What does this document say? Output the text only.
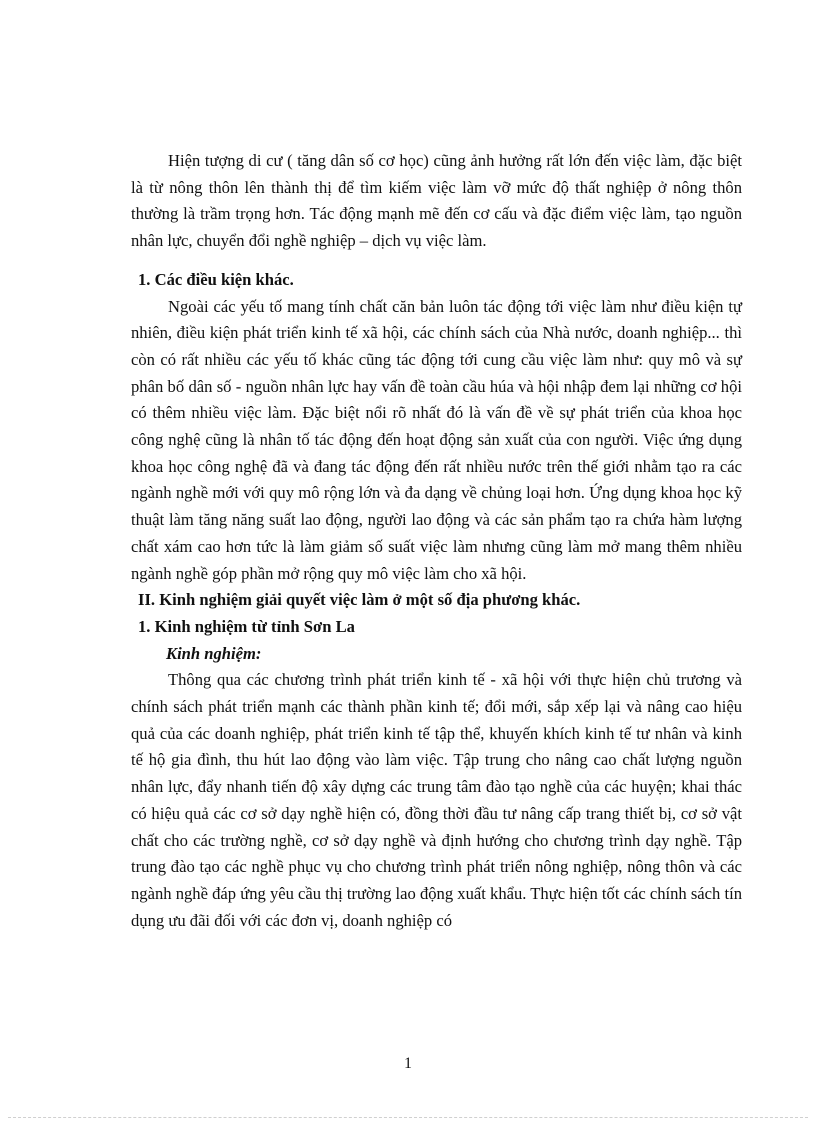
Hiện tượng di cư ( tăng dân số cơ học) cũng ảnh hưởng rất lớn đến việc làm, đặc biệt là từ nông thôn lên thành thị để tìm kiếm việc làm vỡ mức độ thất nghiệp ở nông thôn thường là trầm trọng hơn. Tác động mạnh mẽ đến cơ cấu và đặc điểm việc làm, tạo nguồn nhân lực, chuyển đổi nghề nghiệp – dịch vụ việc làm.

1. Các điều kiện khác.

Ngoài các yếu tố mang tính chất căn bản luôn tác động tới việc làm như điều kiện tự nhiên, điều kiện phát triển kinh tế xã hội, các chính sách của Nhà nước, doanh nghiệp... thì còn có rất nhiều các yếu tố khác cũng tác động tới cung cầu việc làm như: quy mô và sự phân bố dân số - nguồn nhân lực hay vấn đề toàn cầu húa và hội nhập đem lại những cơ hội có thêm nhiều việc làm. Đặc biệt nổi rõ nhất đó là vấn đề về sự phát triển của khoa học công nghệ cũng là nhân tố tác động đến hoạt động sản xuất của con người. Việc ứng dụng khoa học công nghệ đã và đang tác động đến rất nhiều nước trên thế giới nhằm tạo ra các ngành nghề mới với quy mô rộng lớn và đa dạng về chủng loại hơn. Ứng dụng khoa học kỹ thuật làm tăng năng suất lao động, người lao động và các sản phẩm tạo ra chứa hàm lượng chất xám cao hơn tức là làm giảm số suất việc làm nhưng cũng làm mở mang thêm nhiều ngành nghề góp phần mở rộng quy mô việc làm cho xã hội.

II. Kinh nghiệm giải quyết việc làm ở một số địa phương khác.

1. Kinh nghiệm từ tỉnh Sơn La

Kinh nghiệm:

Thông qua các chương trình phát triển kinh tế - xã hội với thực hiện chủ trương và chính sách phát triển mạnh các thành phần kinh tế; đổi mới, sắp xếp lại và nâng cao hiệu quả của các doanh nghiệp, phát triển kinh tế tập thể, khuyến khích kinh tế tư nhân và kinh tế hộ gia đình, thu hút lao động vào làm việc. Tập trung cho nâng cao chất lượng nguồn nhân lực, đẩy nhanh tiến độ xây dựng các trung tâm đào tạo nghề của các huyện; khai thác có hiệu quả các cơ sở dạy nghề hiện có, đồng thời đầu tư nâng cấp trang thiết bị, cơ sở vật chất cho các trường nghề, cơ sở dạy nghề và định hướng cho chương trình dạy nghề. Tập trung đào tạo các nghề phục vụ cho chương trình phát triển nông nghiệp, nông thôn và các ngành nghề đáp ứng yêu cầu thị trường lao động xuất khẩu. Thực hiện tốt các chính sách tín dụng ưu đãi đối với các đơn vị, doanh nghiệp có

1
